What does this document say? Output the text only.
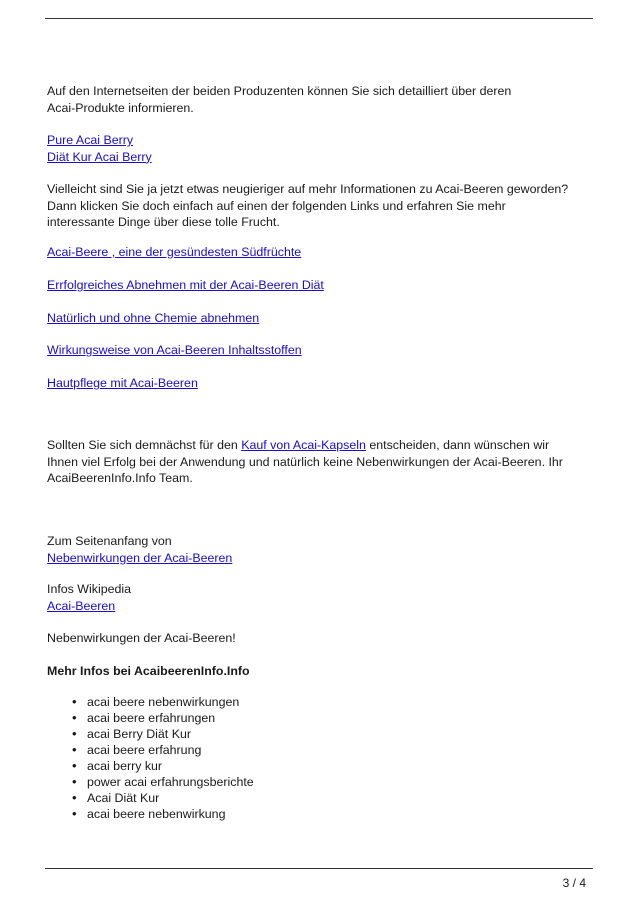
Auf den Internetseiten der beiden Produzenten können Sie sich detailliert über deren

Acai-Produkte informieren.

Pure Acai Berry

Diät Kur Acai Berry

Vielleicht sind Sie ja jetzt etwas neugieriger auf mehr Informationen zu Acai-Beeren geworden?

Dann klicken Sie doch einfach auf einen der folgenden Links und erfahren Sie mehr

interessante Dinge über diese tolle Frucht.

Acai-Beere , eine der gesündesten Südfrüchte
Errfolgreiches Abnehmen mit der Acai-Beeren Diät
Natürlich und ohne Chemie abnehmen
Wirkungsweise von Acai-Beeren Inhaltsstoffen
Hautpflege mit Acai-Beeren

Sollten Sie sich demnächst für den Kauf von Acai-Kapseln entscheiden, dann wünschen wir

Ihnen viel Erfolg bei der Anwendung und natürlich keine Nebenwirkungen der Acai-Beeren. Ihr

AcaiBeerenInfo.Info Team.

Zum Seitenanfang von

Nebenwirkungen der Acai-Beeren

Infos Wikipedia

Acai-Beeren

Nebenwirkungen der Acai-Beeren!
Mehr Infos bei AcaibeerenInfo.Info
• acai beere nebenwirkungen
• acai beere erfahrungen
• acai Berry Diät Kur
• acai beere erfahrung
• acai berry kur
• power acai erfahrungsberichte
• Acai Diät Kur
• acai beere nebenwirkung
3 / 4
